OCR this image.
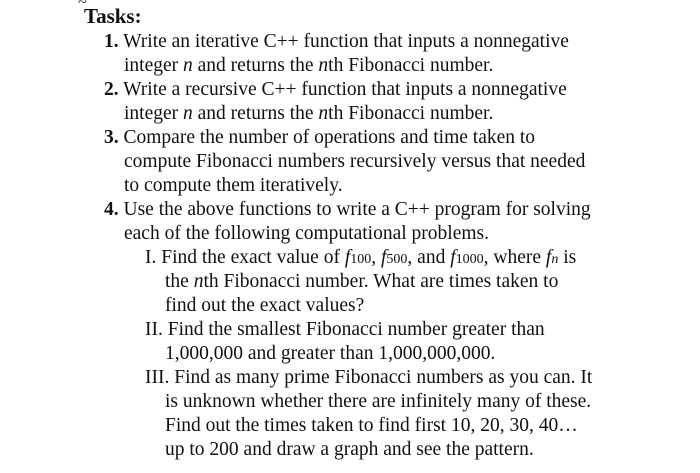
~
Tasks:
1. Write an iterative C++ function that inputs a nonnegative
integer n and returns the nth Fibonacci number.
2. Write a recursive C++ function that inputs a nonnegative
integer n and returns the nth Fibonacci number.
3. Compare the number of operations and time taken to
compute Fibonacci numbers recursively versus that needed
to compute them iteratively.
4. Use the above functions to write a C++ program for solving
each of the following computational problems.
I. Find the exact value of f100, f500, and f1000, where fn is
the nth Fibonacci number. What are times taken to
find out the exact values?
II. Find the smallest Fibonacci number greater than
1,000,000 and greater than 1,000,000,000.
III. Find as many prime Fibonacci numbers as you can. It
is unknown whether there are infinitely many of these.
Find out the times taken to find first 10, 20, 30, 40…
up to 200 and draw a graph and see the pattern.
